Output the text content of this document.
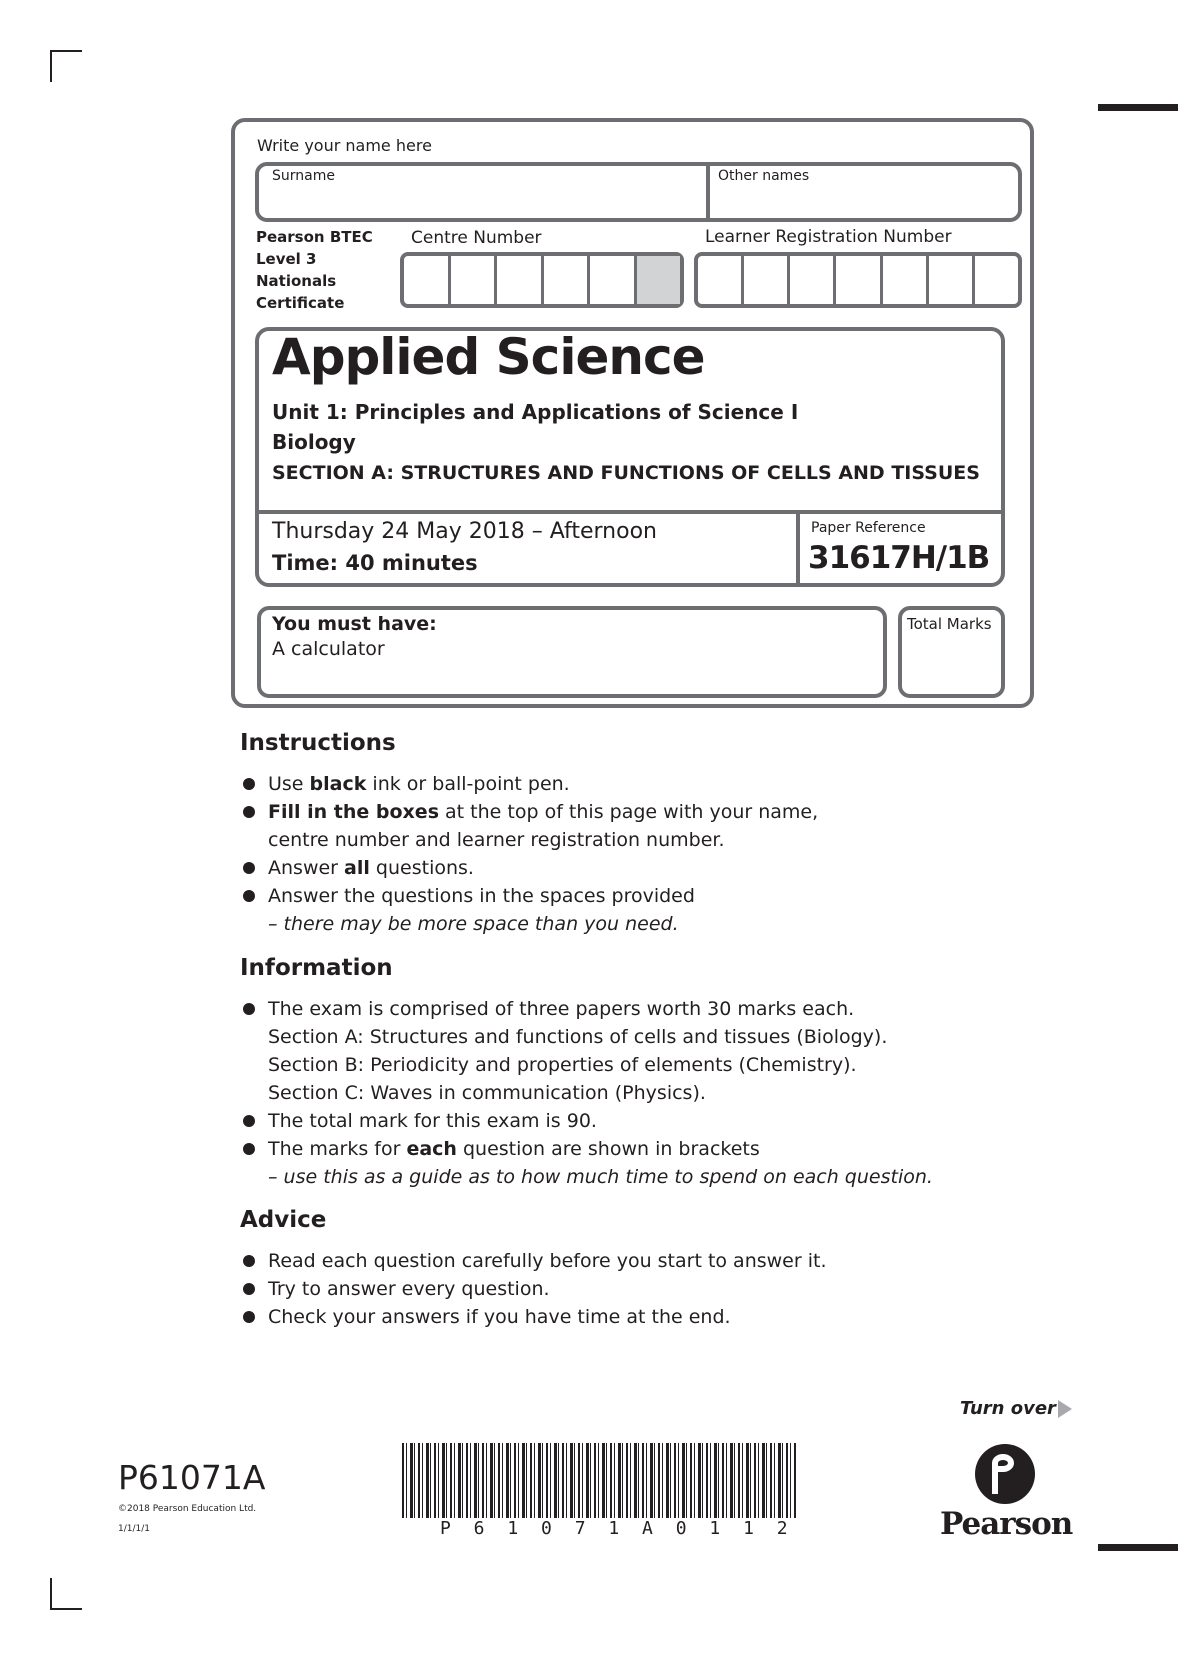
Write your name here
Surname	Other names
Pearson BTEC
Level 3
Nationals
Certificate
Centre Number	Learner Registration Number
Applied Science
Unit 1: Principles and Applications of Science I
Biology
SECTION A: STRUCTURES AND FUNCTIONS OF CELLS AND TISSUES
Thursday 24 May 2018 – Afternoon
Time: 40 minutes
Paper Reference
31617H/1B
You must have:
A calculator
Total Marks
Instructions
Use black ink or ball-point pen.
Fill in the boxes at the top of this page with your name,
centre number and learner registration number.
Answer all questions.
Answer the questions in the spaces provided
– there may be more space than you need.
Information
The exam is comprised of three papers worth 30 marks each.
Section A: Structures and functions of cells and tissues (Biology).
Section B: Periodicity and properties of elements (Chemistry).
Section C: Waves in communication (Physics).
The total mark for this exam is 90.
The marks for each question are shown in brackets
– use this as a guide as to how much time to spend on each question.
Advice
Read each question carefully before you start to answer it.
Try to answer every question.
Check your answers if you have time at the end.
Turn over
P61071A
©2018 Pearson Education Ltd.
1/1/1/1	P 6 1 0 7 1 A 0 1 1 2	Pearson
